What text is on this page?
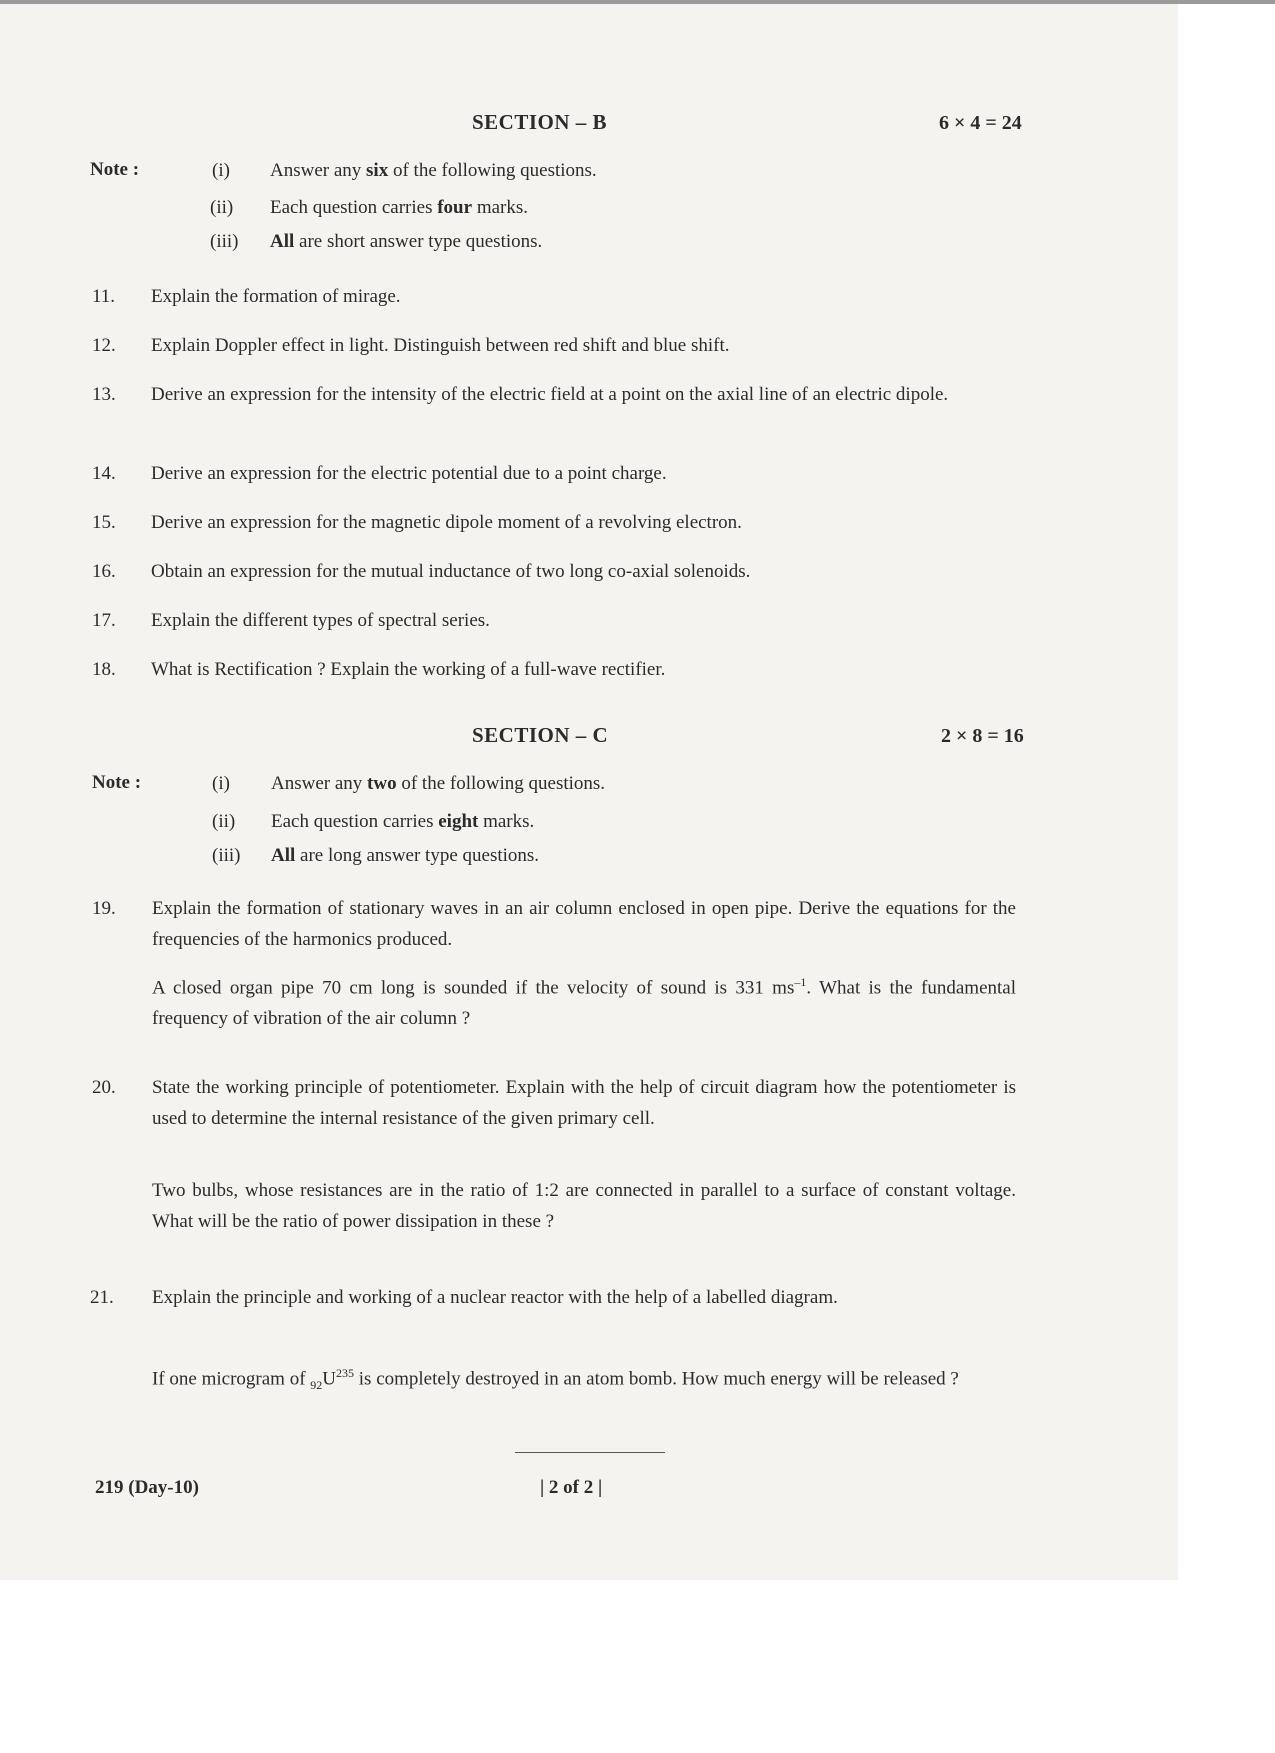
SECTION – B	6 × 4 = 24
Note :	(i) Answer any six of the following questions.
(ii) Each question carries four marks.
(iii) All are short answer type questions.
11. Explain the formation of mirage.
12. Explain Doppler effect in light. Distinguish between red shift and blue shift.
13. Derive an expression for the intensity of the electric field at a point on the axial line of an electric dipole.
14. Derive an expression for the electric potential due to a point charge.
15. Derive an expression for the magnetic dipole moment of a revolving electron.
16. Obtain an expression for the mutual inductance of two long co-axial solenoids.
17. Explain the different types of spectral series.
18. What is Rectification ? Explain the working of a full-wave rectifier.
SECTION – C	2 × 8 = 16
Note :	(i) Answer any two of the following questions.
(ii) Each question carries eight marks.
(iii) All are long answer type questions.
19. Explain the formation of stationary waves in an air column enclosed in open pipe. Derive the equations for the frequencies of the harmonics produced.
A closed organ pipe 70 cm long is sounded if the velocity of sound is 331 $ms^{-1}$. What is the fundamental frequency of vibration of the air column ?
20. State the working principle of potentiometer. Explain with the help of circuit diagram how the potentiometer is used to determine the internal resistance of the given primary cell.
Two bulbs, whose resistances are in the ratio of 1:2 are connected in parallel to a surface of constant voltage. What will be the ratio of power dissipation in these ?
21. Explain the principle and working of a nuclear reactor with the help of a labelled diagram.
If one microgram of $_{92}U^{235}$ is completely destroyed in an atom bomb. How much energy will be released ?
219 (Day-10)	| 2 of 2 |
